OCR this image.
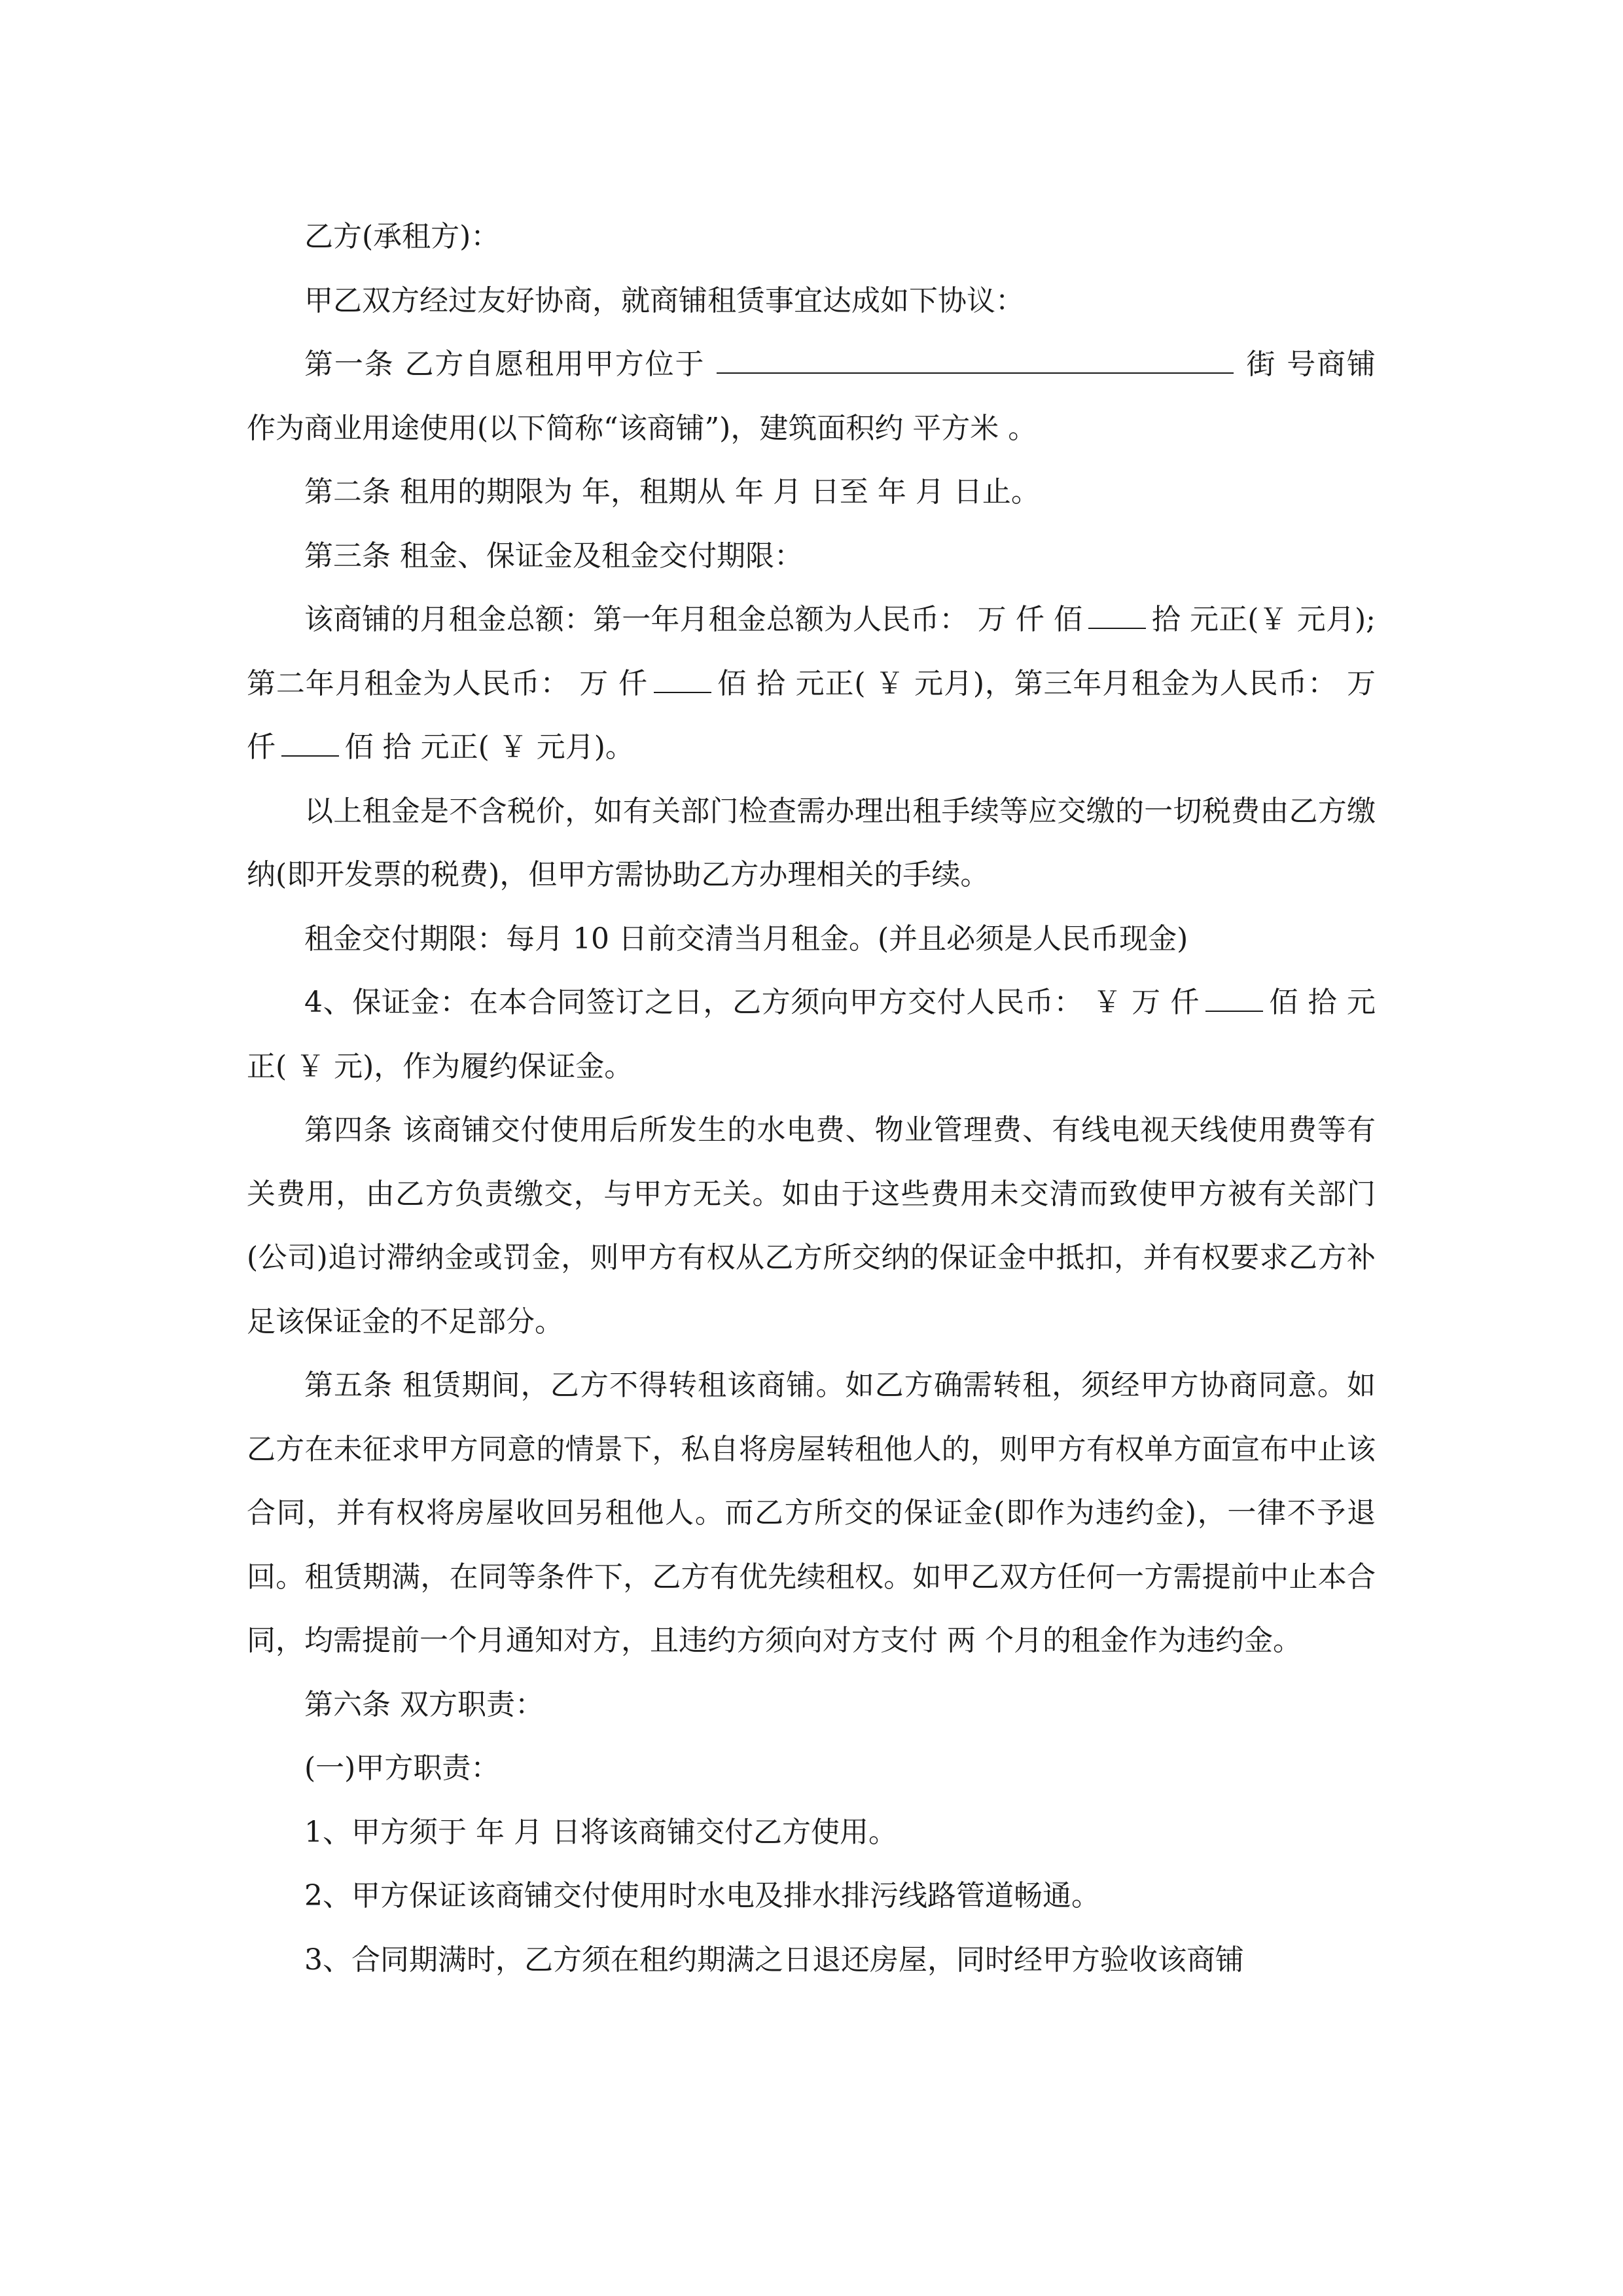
乙方(承租方)：

甲乙双方经过友好协商，就商铺租赁事宜达成如下协议：

第一条 乙方自愿租用甲方位于	街 号商铺作为商业用途使用(以下简称“该商铺”)，建筑面积约 平方米 。

第二条 租用的期限为 年，租期从 年 月 日至 年 月 日止。

第三条 租金、保证金及租金交付期限：

该商铺的月租金总额：第一年月租金总额为人民币： 万 仟 佰 拾 元正(￥ 元月);第二年月租金为人民币： 万 仟 佰 拾 元正( ￥ 元月)，第三年月租金为人民币： 万 仟 佰 拾 元正( ￥ 元月)。

以上租金是不含税价，如有关部门检查需办理出租手续等应交缴的一切税费由乙方缴纳(即开发票的税费)，但甲方需协助乙方办理相关的手续。

租金交付期限：每月 10 日前交清当月租金。(并且必须是人民币现金)

4、保证金：在本合同签订之日，乙方须向甲方交付人民币： ￥ 万 仟 佰 拾 元正( ￥ 元)，作为履约保证金。

第四条 该商铺交付使用后所发生的水电费、物业管理费、有线电视天线使用费等有关费用，由乙方负责缴交，与甲方无关。如由于这些费用未交清而致使甲方被有关部门(公司)追讨滞纳金或罚金，则甲方有权从乙方所交纳的保证金中抵扣，并有权要求乙方补足该保证金的不足部分。

第五条 租赁期间，乙方不得转租该商铺。如乙方确需转租，须经甲方协商同意。如乙方在未征求甲方同意的情景下，私自将房屋转租他人的，则甲方有权单方面宣布中止该合同，并有权将房屋收回另租他人。而乙方所交的保证金(即作为违约金)，一律不予退回。租赁期满，在同等条件下，乙方有优先续租权。如甲乙双方任何一方需提前中止本合同，均需提前一个月通知对方，且违约方须向对方支付 两 个月的租金作为违约金。

第六条 双方职责：

(一)甲方职责：

1、甲方须于 年 月 日将该商铺交付乙方使用。

2、甲方保证该商铺交付使用时水电及排水排污线路管道畅通。

3、合同期满时，乙方须在租约期满之日退还房屋，同时经甲方验收该商铺
